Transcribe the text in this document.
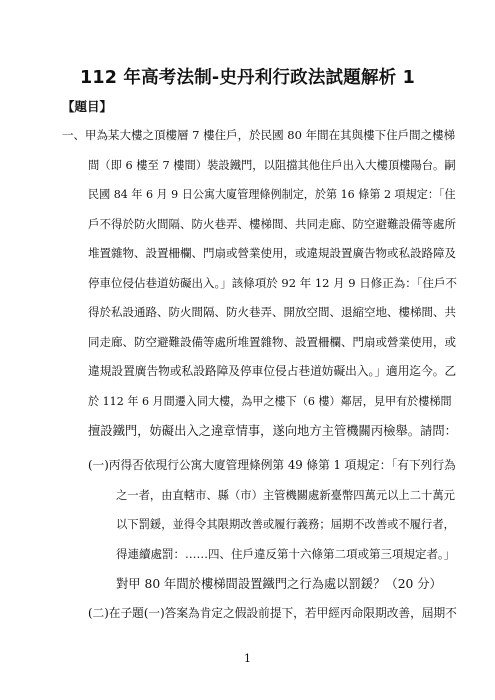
112 年高考法制-史丹利行政法試題解析 1
【題目】
一、甲為某大樓之頂樓層 7 樓住戶，於民國 80 年間在其與樓下住戶間之樓梯
間（即 6 樓至 7 樓間）裝設鐵門，以阻擋其他住戶出入大樓頂樓陽台。嗣
民國 84 年 6 月 9 日公寓大廈管理條例制定，於第 16 條第 2 項規定：「住
戶不得於防火間隔、防火巷弄、樓梯間、共同走廊、防空避難設備等處所
堆置雜物、設置柵欄、門扇或營業使用，或違規設置廣告物或私設路障及
停車位侵佔巷道妨礙出入。」該條項於 92 年 12 月 9 日修正為：「住戶不
得於私設通路、防火間隔、防火巷弄、開放空間、退縮空地、樓梯間、共
同走廊、防空避難設備等處所堆置雜物、設置柵欄、門扇或營業使用，或
違規設置廣告物或私設路障及停車位侵占巷道妨礙出入。」適用迄今。乙
於 112 年 6 月間遷入同大樓，為甲之樓下（6 樓）鄰居，見甲有於樓梯間
擅設鐵門，妨礙出入之違章情事，遂向地方主管機關丙檢舉。請問：
(一)丙得否依現行公寓大廈管理條例第 49 條第 1 項規定：「有下列行為
之一者，由直轄市、縣（市）主管機關處新臺幣四萬元以上二十萬元
以下罰鍰，並得令其限期改善或履行義務；屆期不改善或不履行者，
得連續處罰：……四、住戶違反第十六條第二項或第三項規定者。」
對甲 80 年間於樓梯間設置鐵門之行為處以罰鍰？（20 分）
(二)在子題(一)答案為肯定之假設前提下，若甲經丙命限期改善，屆期不
1
